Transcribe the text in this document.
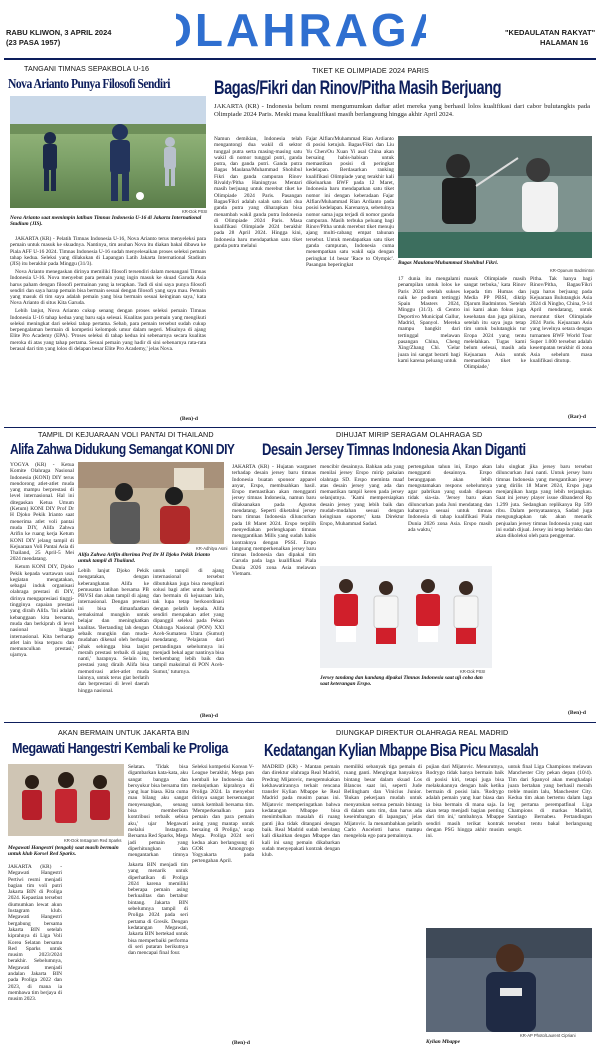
RABU KLIWON, 3 APRIL 2024
(23 PASA 1957)	LAHRAG	"KEDAULATAN RAKYAT"
HALAMAN 16
TANGANI TIMNAS SEPAKBOLA U-16
Nova Arianto Punya Filosofi Sendiri
KR-Dok PSSI
Nova Arianto saat memimpin latihan Timnas Indonesia U-16 di Jakarta International Stadium (JIS).

JAKARTA (KR) - Pelatih Timnas Indonesia U-16, Nova Arianto terus menyeleksi para pemain untuk masuk ke skuadnya. Nantinya, tim asuhan Nova itu diakan bakal dibawa ke Piala AFF U-16 2024. Timnas Indonesia U-16 sudah menyelesaikan proses seleksi pemain tahap kedua. Seleksi yang dilakukan di Lapangan Latih Jakarta International Stadium (JIS) itu berakhir pada Minggu (31/3).

Nova Arianto menegaskan dirinya memiliki filosofi tersendiri dalam menangani Timnas Indonesia U-16. Nova menyebut para pemain yang ingin masuk ke skuad Garuda Asia harus paham dengan filosofi permainan yang ia terapkan. 'Jadi di sini saya punya filosofi sendiri dan saya harap pemain bisa bermain sesuai dengan filosofi yang saya mau. Pemain yang masuk di tim saya adalah pemain yang bisa bermain sesuai keinginan saya,' kata Nova Arianto di situs Kita Garuda.

Lebih lanjut, Nova Arianto cukup senang dengan proses seleksi pemain Timnas Indonesia U-16 tahap kedua yang baru saja selesai. Kualitas para pemain yang mengikuti seleksi meningkat dari seleksi tahap pertama. Sebab, para pemain tersebut sudah cukup berpengalaman bermain di kompetisi kelompok umur dalam negeri. Misalnya di ajang Elite Pro Academy (EPA). 'Proses seleksi di tahap kedua ini sebenarnya secara kualitas meroka di atas yang tahap pertama. Sesuai pemain yang hadir di sini sebenarnya rata-rata berasal dari tim yang lolos di delapan besar Elite Pro Academy,' jelas Nova.

(Ben)-d
TIKET KE OLIMPIADE 2024 PARIS
Bagas/Fikri dan Rinov/Pitha Masih Berjuang
JAKARTA (KR) - Indonesia belum resmi mengumumkan daftar atlet mereka yang berhasil lolos kualifikasi dari cabor bulutangkis pada Olimpiade 2024 Paris. Meski masa kualifikasi masih berlangsung hingga akhir April 2024.
Namun demikian, Indonesia telah mengantongi dua wakil di sektor tunggal putra serta masing-masing satu wakil di nomor tunggal putri, ganda putra, dan ganda putri. Ganda putra Bagas Maulana/Muhammad Shohibul Fikri dan ganda campuran Rinov Rivaldy/Pitha Haningtyas Mentari masih berjuang untuk merebut tiket ke Olimpiade 2024 Paris. Pasangan Bagas/Fikri adalah salah satu dari dua ganda putra yang diharapkan bisa menambah wakil ganda putra Indonesia di Olimpiade 2024 Paris. Masa kualifikasi Olimpiade 2024 berakhir pada 28 April 2024. Hingga kini, Indonesia baru mendapatkan satu tiket ganda putra melalui
Fajar Alfian/Muhammad Rian Ardianto di posisi ketujuh. Bagas/Fikri dan Liu Yu Chen/Ou Xuan Yi asal China akan bersaing habis-habisan untuk memastikan posisi di peringkat kedelapan. Berdasarkan ranking kualifikasi Olimpiade yang terakhir kali dikeluarkan BWF pada 12 Maret, Indonesia baru mendapatkan satu tiket nomor ini dengan keberadaan Fajar Alfian/Muhammad Rian Ardianto pada posisi kedelapan. Karenanya, sebetulnya nomor sama juga terjadi di nomor ganda campuran. Masih terbuka peluang bagi Rinov/Pitha untuk merebut tiket menuju ajang multi-cabang empat tahunan tersebut. Untuk mendapatkan satu tiket ganda campuran, Indonesia cuma menempatkan satu wakil saja dengan peringkat 14 besar 'Race to Olympic'. Pasangan beperingkat	Bagas Maulana/Muhammad Shohibul Fikri.
KR-Opanum Badminton
17 dunia itu mengalami penampilan untuk lolos ke Paris 2024 setelah sukses naik ke podium tertinggi Spain Masters 2024, Minggu (31/3). di Centro Deportivo Municipal Gallur, Madrid, Spanyol. Mereka mampu bangkit dari tertinggal melawan pasangan China, Cheng Xing/Zhang Chi. 'Gelar juara ini sangat berarti bagi kami karena peluang untuk
masuk Olimpiade masih sangat terbuka,' kata Rinov kepada tim Humas dan Media PP PBSI, diktip Djarum Badminton. 'Setelah ini kami akan fokus juga kesehatan dan juga pikiran, setelah itu saya juga tetap tim untuk bulutangkis tur Eropa 2024 yang tentu melelahkan. Tugas kami belum selesai, masih ada Kejuaraan Asia untuk memastikan tiket ke Olimpiade,'
Pitha. Tak hanya bagi Rinov/Pitha, Bagas/Fikri juga harus berjuang pada Kejuaraan Bulutangkis Asia 2024 di Ningbo, China, 9-14 April mendatang, untuk meruntut tiket Olimpiade 2024 Paris. Kejuaraan Asia yang levelnya setara dengan turnamen BWF World Tour Super 1.000 tersebut adalah kesempatan terakhir di zona Asia sebelum masa kualifikasi ditutup.
(Rar)-d
TAMPIL DI KEJUARAAN VOLI PANTAI DI THAILAND
Alifa Zahwa Didukung Semangat KONI DIY

YOGYA (KR) - Ketua Komite Olahraga Nasional Indonesia (KONI) DIY terus mendorong atlet-atlet muda yang mampu berprestasi di level internasional. Hal ini ditegaskan Ketua Umum (Ketum) KONI DIY Prof Dr H Djoko Pekik Irianto saat menerima atlet voli pantai muda DIY, Alifa Zahwa Arifin ke ruang kerja Ketum KONI DIY jelang tampil di Kejuaraan Voli Pantai Asia di Thailand, 25 April-5 Mei 2024 mendatang.

Ketum KONI DIY, Djoko Pekik kepada wartawan usai kegiatan mengatakan, sebagai induk organisasi olahraga prestasi di DIY, dirinya mengapresiasi tinggi-tingginya capaian prestasi yang diraih Alifa. 'Ini adalah kebanggaan kita bersama, muda dan berkiprah di level nasional hingga internasional. Kita berharap atlet lain bisa terpacu dan memunculkan prestasi,' ujarnya.

KR-Adhitya Asmi
Alifa Zahwa Arifin diterima Prof Dr H Djoko Pekik Irianto untuk tampil di Thailand.
Lebih lanjut Djoko Pekik mengatakan, dengan keberangkatan Alifa ke pemusatan latihan bersama PB PBVSI dan akan tampil di ajang internasional. Dengan prestasi ini bisa dimanfaatkan semaksimal mungkin untuk belajar dan meningkatkan kualitas. 'Bertanding lah dengan sebaik mungkin dan muda-mudahan dikenal oleh berbagai pihak sehingga bisa lanjut meraih prestasi terbaik di ajang nanti,' harapnya. Selain itu, prestasi yang diraih Alifa bisa memotivasi atlet-atlet muda lainnya, untuk terus giat berlatih dan berprestasi di level daerah hingga nasional.
untuk tampil di ajang internasional tersebut dibutuhkan juga bisa mengikuti solusi bagi atlet untuk berlatih dan bermain di kejuaraan lain, tak lupa tetap berkoordinasi dengan pelatih kepala. Alifa sendiri merupakan atlet yang dipanggil seleksi pada Pekan Olahraga Nasional (PON) XXI Aceh-Sumatera Utara (Sumut) mendatang. 'Pelajaran dari pertandingan sebelumnya ini menjadi bekal agar nantinya bisa berkembang lebih baik dan tampil maksimal di PON Aceh-Sumut,' tuturnya.
(Ben)-d
DIHUJAT MIRIP SERAGAM OLAHRAGA SD
Desain Jersey Timnas Indonesia Akan Diganti
JAKARTA (KR) - Hujatan warganet terhadap desain jersey baru timnas Indonesia buatan sponsor apparel anyar, Erspo, membuahkan hasil. Erspo memastikan akan mengganti jersey timnas Indonesia, namun baru dilaksanakan pada Agustus mendatang. Seperti diketahui jersey baru timnas Indonesia diluncurkan pada 18 Maret 2024. Erspo terpilih menyediakan perlengkapan timnas menggantikan Mills yang sudah habis kontraknya dengan PSSI. Erspo langsung memperkenalkan jersey baru timnas Indonesia dan dipakai tim Garuda pada laga kualifikasi Piala Dunia 2026 zona Asia melawan Vietnam.
mencibir desainnya. Bahkan ada yang menilai jersey Erspo mirip pakaian olahraga SD. Erspo meminta maaf atas desain jersey yang ada dan memastikan tampil keren pada jersey selanjutnya. 'Kami mempersiapkan desain jersey yang lebih baik dan mudah-mudahan sesuai dengan keinginan suporter,' kata Direktur Erspo, Muhammad Sadad.
pertengahan tahun ini, Erspo akan mengganti desainnya. Erspo beranggapan akan lebih mengutamakan respons sebelumnya agar pabrikan yang sudah dipesan tidak sia-sia. 'Jersey baru akan diluncurkan pada Juni mendatang dan kabarnya sesuai untuk timnas Indonesia di tahap kualifikasi Piala Dunia 2026 zona Asia. Erspo masih ada waktu,'
KR-Dok PSSI
Jersey tandang dan kandang dipakai Timnas Indonesia saat uji coba dan saat keterangan Erspo.
lalu singkat jika jersey baru tersebut diluncurkan Juni nanti. Untuk jersey baru timnas Indonesia yang mengantikan jersey yang dirilis 18 Maret 2024, Erspo juga menjanjikan harga yang lebih terjangkau. Saat ini jersey player issue dibanderol Rp 1.299 juta. Sedangkan replikanya Rp 599 ribu. Dalam pernyataannya, Sadad juga mengungkapkan tak akan menarik penjualan jersey timnas Indonesia yang saat ini sudah dijual. Jersey ini tetap berlaku dan akan dikoleksi oleh para penggemar.
(Ben)-d
AKAN BERMAIN UNTUK JAKARTA BIN
Megawati Hangestri Kembali ke Proliga
KR-Dok Instagram Red Sparks
Megawati Hangestri (tengah) saat masih bermain untuk klub Korsel Red Sparks.
JAKARTA (KR) - Megawati Hangestri Pertiwi resmi menjadi bagian tim voli putri Jakarta BIN di Proliga 2024. Kepastian tersebut diumumkan lewat akun Instagram klub. Megawati Hangestri bergabung bersama Jakarta BIN setelah kiprahnya di Liga Voli Korea Selatan bersama Red Sparks untuk musim 2023/2024 berakhir. Sebelumnya, Megawati menjadi andalan Jakarta BIN pada Proliga 2022 dan 2023, di mana ia membawa tim berjaya di musim 2023.
Selatan. 'Tidak bisa digambarkan kata-kata, aku sangat bangga dan bersyukur bisa bersama tim yang luar biasa. Kita cuma mau bilang aku sangat menyenangkan, senang bisa memberikan kontribusi terbaik sebisa aku,' ujar Megawati melalui Instagram. Bersama Red Sparks, Mega jadi pemain yang diperhitungkan dan mengantarkan timnya
Jakarta BIN menjadi tim yang menarik untuk diperhatikan di Proliga 2024 karena memiliki beberapa pemain asing berkualitas dan bertabur bintang. Jakarta BIN sebelumnya tampil di Proliga 2024 pada seri pertama di Gresik. Dengan kedatangan Megawati, Jakarta BIN bertekad untuk bisa memperbaiki performa di seri putaran berikutnya dan mencapai final four.
Seleksi kompetisi Korean V-League berakhir, Mega pun kembali ke Indonesia dan melanjutkan kiprahnya di Proliga 2024. Ia menyebut dirinya sangat bersemangat untuk kembali bersama tim. 'Memperkenalkan para pemain dan para pemain asing yang mantap untuk bersaing di Proliga,' ucap Mega. Proliga 2024 seri kedua akan berlangsung di GOR Amongrogo Yogyakarta pada pertengahan April.
(Ben)-d
DIUNGKAP DIREKTUR OLAHRAGA REAL MADRID
Kedatangan Kylian Mbappe Bisa Picu Masalah
MADRID (KR) - Mantan pemain dan direktur olahraga Real Madrid, Predrag Mijatovic, mengemukakan kekhawatirannya terkait rencana transfer Kylian Mbappe ke Real Madrid pada musim panas ini. Mijatovic memperingatkan bahwa kedatangan Mbappe bisa menimbulkan masalah di ruang ganti jika tidak ditangani dengan baik. Real Madrid sudah berulang kali dikaitkan dengan Mbappe dan kali ini sang pemain dikabarkan sudah menyepakati kontrak dengan klub.
memiliki sebanyak tiga pemain di ruang ganti. Mengingat banyaknya bintang besar dalam skuad Los Blancos saat ini, seperti Jude Bellingham dan Vinicius Junior. 'Bukan pekerjaan mudah untuk menyatukan semua pemain bintang di dalam satu tim, dan harus ada keseimbangan di lapangan,' jelas Mijatovic. Ia menambahkan pelatih Carlo Ancelotti harus mampu mengelola ego para pemainnya.
pujian dari Mijatovic. Menurutnya, Rodrygo tidak hanya bermain baik di posisi kiri, tetapi juga bisa melakukannya dengan baik ketika bermain di posisi lain. 'Rodrygo adalah pemain yang luar biasa dan ia bisa bermain di mana saja. Ia akan tetap menjadi bagian penting dari tim ini,' tambahnya. Mbappe sendiri masih terikat kontrak dengan PSG hingga akhir musim ini.
untuk final Liga Champions melawan Manchester City pekan depan (10/4). Tim dari Spanyol akan menghadapi juara bertahan yang berhasil meraih treble musim lalu, Manchester City. Kedua tim akan bertemu dalam laga leg pertama perempatfinal Liga Champions di markas Madrid, Santiago Bernabeu. Pertandingan tersebut tentu bakal berlangsung sengit.
KR-AP Photo/Laurent Cipriani
Kylian Mbappe
